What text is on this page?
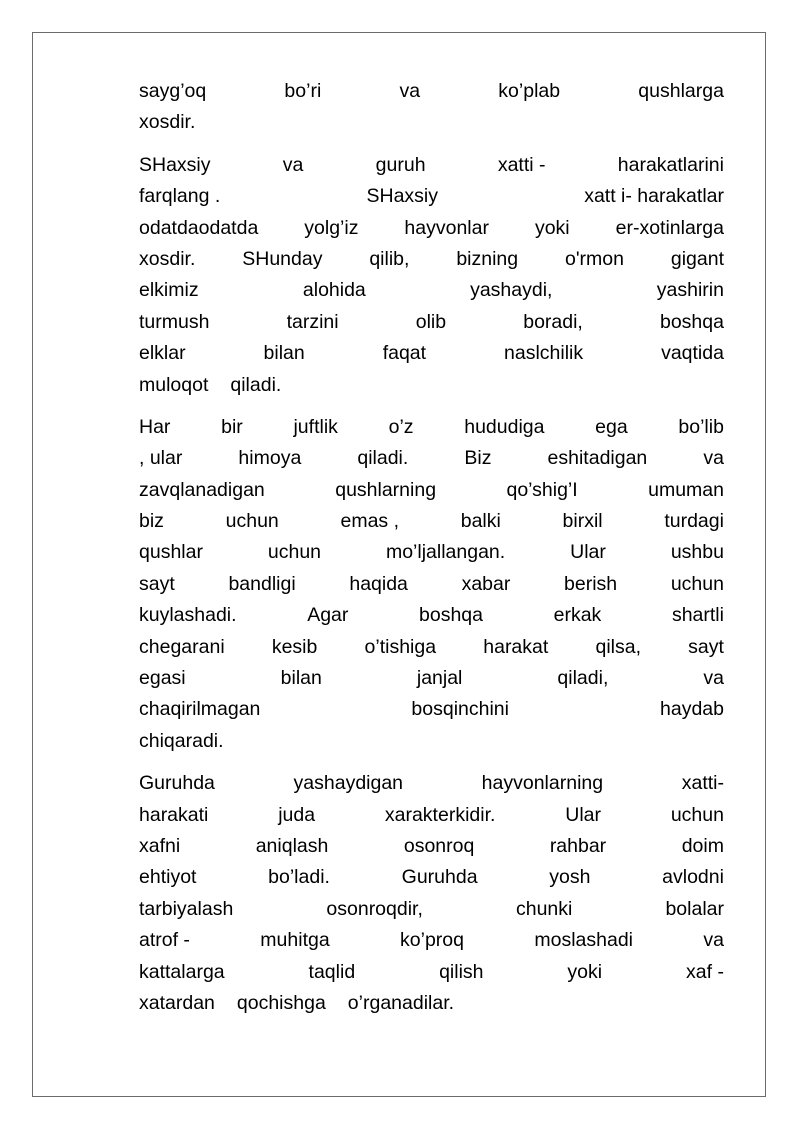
sayg’oq	bo’ri	va	ko’plab	qushlarga
xosdir.
SHaxsiy	va	guruh	xatti -	harakatlarini
farqlang .	SHaxsiy	xatt i- harakatlar
odatdaodatda yolg’iz hayvonlar yoki er-xotinlarga
xosdir. SHunday qilib, bizning o'rmon gigant
elkimiz	alohida	yashaydi,	yashirin
turmush	tarzini	olib	boradi,	boshqa
elklar	bilan	faqat	naslchilik	vaqtida
muloqot qiladi.
Har	bir	juftlik	o’z	hududiga	ega	bo’lib
, ular	himoya	qiladi.	Biz	eshitadigan	va
zavqlanadigan	qushlarning	qo’shig’I	umuman
biz	uchun	emas ,	balki	birxil	turdagi
qushlar	uchun	mo’ljallangan.	Ular	ushbu
sayt	bandligi	haqida	xabar	berish	uchun
kuylashadi.	Agar	boshqa	erkak	shartli
chegarani kesib o’tishiga harakat qilsa, sayt
egasi	bilan	janjal	qiladi,	va
chaqirilmagan	bosqinchini	haydab
chiqaradi.
Guruhda	yashaydigan	hayvonlarning	xatti-
harakati	juda	xarakterkidir.	Ular	uchun
xafni	aniqlash	osonroq	rahbar	doim
ehtiyot	bo’ladi.	Guruhda	yosh	avlodni
tarbiyalash	osonroqdir,	chunki	bolalar
atrof -	muhitga	ko’proq	moslashadi	va
kattalarga	taqlid	qilish	yoki	xaf -
xatardan qochishga o’rganadilar.
